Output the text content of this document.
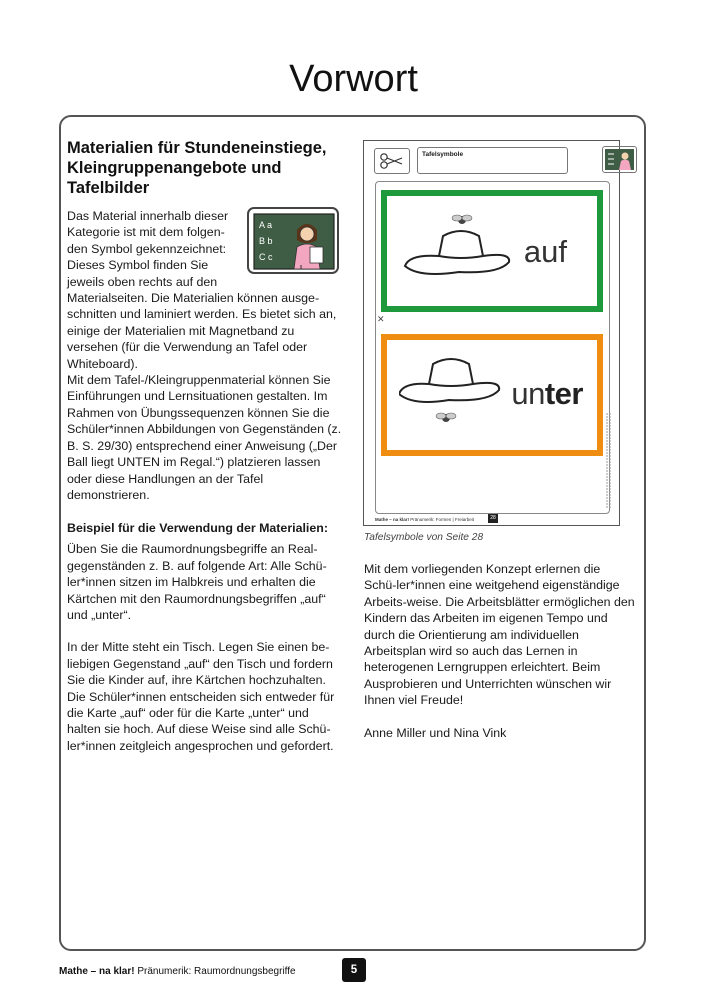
Vorwort
Materialien für Stundeneinstiege, Kleingruppenangebote und Tafelbilder

Das Material innerhalb dieser

Kategorie ist mit dem folgen-

den Symbol gekennzeichnet:

Dieses Symbol finden Sie

jeweils oben rechts auf den

A a
B b
C c

Materialseiten. Die Materialien können ausge-schnitten und laminiert werden. Es bietet sich an, einige der Materialien mit Magnetband zu versehen (für die Verwendung an Tafel oder Whiteboard).

Mit dem Tafel-/Kleingruppenmaterial können Sie Einführungen und Lernsituationen gestalten. Im Rahmen von Übungssequenzen können Sie die Schüler*innen Abbildungen von Gegenständen (z. B. S. 29/30) entsprechend einer Anweisung („Der Ball liegt UNTEN im Regal.“) platzieren lassen oder diese Handlungen an der Tafel demonstrieren.

Beispiel für die Verwendung der Materialien:

Üben Sie die Raumordnungsbegriffe an Real-gegenständen z. B. auf folgende Art: Alle Schü-ler*innen sitzen im Halbkreis und erhalten die Kärtchen mit den Raumordnungsbegriffen „auf“ und „unter“.

In der Mitte steht ein Tisch. Legen Sie einen be-liebigen Gegenstand „auf“ den Tisch und fordern Sie die Kinder auf, ihre Kärtchen hochzuhalten. Die Schüler*innen entscheiden sich entweder für die Karte „auf“ oder für die Karte „unter“ und halten sie hoch. Auf diese Weise sind alle Schü-ler*innen zeitgleich angesprochen und gefordert.

Tafelsymbole
auf
✕
unter
Mathe – na klar! Pränumerik: Formen | Freiarbeit	28
Tafelsymbole von Seite 28

Mit dem vorliegenden Konzept erlernen die Schü-ler*innen eine weitgehend eigenständige Arbeits-weise. Die Arbeitsblätter ermöglichen den Kindern das Arbeiten im eigenen Tempo und durch die Orientierung am individuellen Arbeitsplan wird so auch das Lernen in heterogenen Lerngruppen erleichtert. Beim Ausprobieren und Unterrichten wünschen wir Ihnen viel Freude!

Anne Miller und Nina Vink

Mathe – na klar! Pränumerik: Raumordnungsbegriffe	5
